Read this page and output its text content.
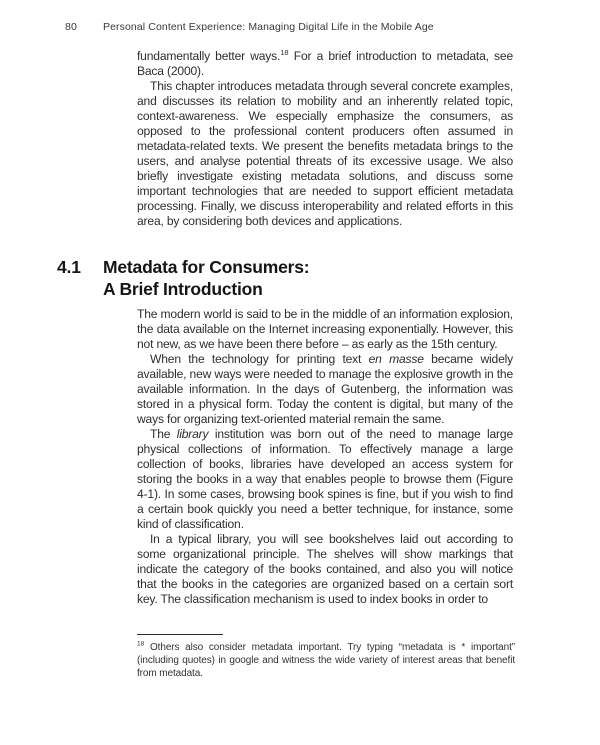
80 Personal Content Experience: Managing Digital Life in the Mobile Age

fundamentally better ways.$^{18}$ For a brief introduction to metadata, see Baca (2000).

This chapter introduces metadata through several concrete examples, and discusses its relation to mobility and an inherently related topic, context-awareness. We especially emphasize the consumers, as opposed to the professional content producers often assumed in metadata-related texts. We present the benefits metadata brings to the users, and analyse potential threats of its excessive usage. We also briefly investigate existing metadata solutions, and discuss some important technologies that are needed to support efficient metadata processing. Finally, we discuss interoperability and related efforts in this area, by considering both devices and applications.

4.1 Metadata for Consumers:
A Brief Introduction

The modern world is said to be in the middle of an information explosion, the data available on the Internet increasing exponentially. However, this not new, as we have been there before – as early as the 15th century.

When the technology for printing text en masse became widely available, new ways were needed to manage the explosive growth in the available information. In the days of Gutenberg, the information was stored in a physical form. Today the content is digital, but many of the ways for organizing text-oriented material remain the same.

The library institution was born out of the need to manage large physical collections of information. To effectively manage a large collection of books, libraries have developed an access system for storing the books in a way that enables people to browse them (Figure 4-1). In some cases, browsing book spines is fine, but if you wish to find a certain book quickly you need a better technique, for instance, some kind of classification.

In a typical library, you will see bookshelves laid out according to some organizational principle. The shelves will show markings that indicate the category of the books contained, and also you will notice that the books in the categories are organized based on a certain sort key. The classification mechanism is used to index books in order to

$^{18}$ Others also consider metadata important. Try typing “metadata is * important” (including quotes) in google and witness the wide variety of interest areas that benefit from metadata.
